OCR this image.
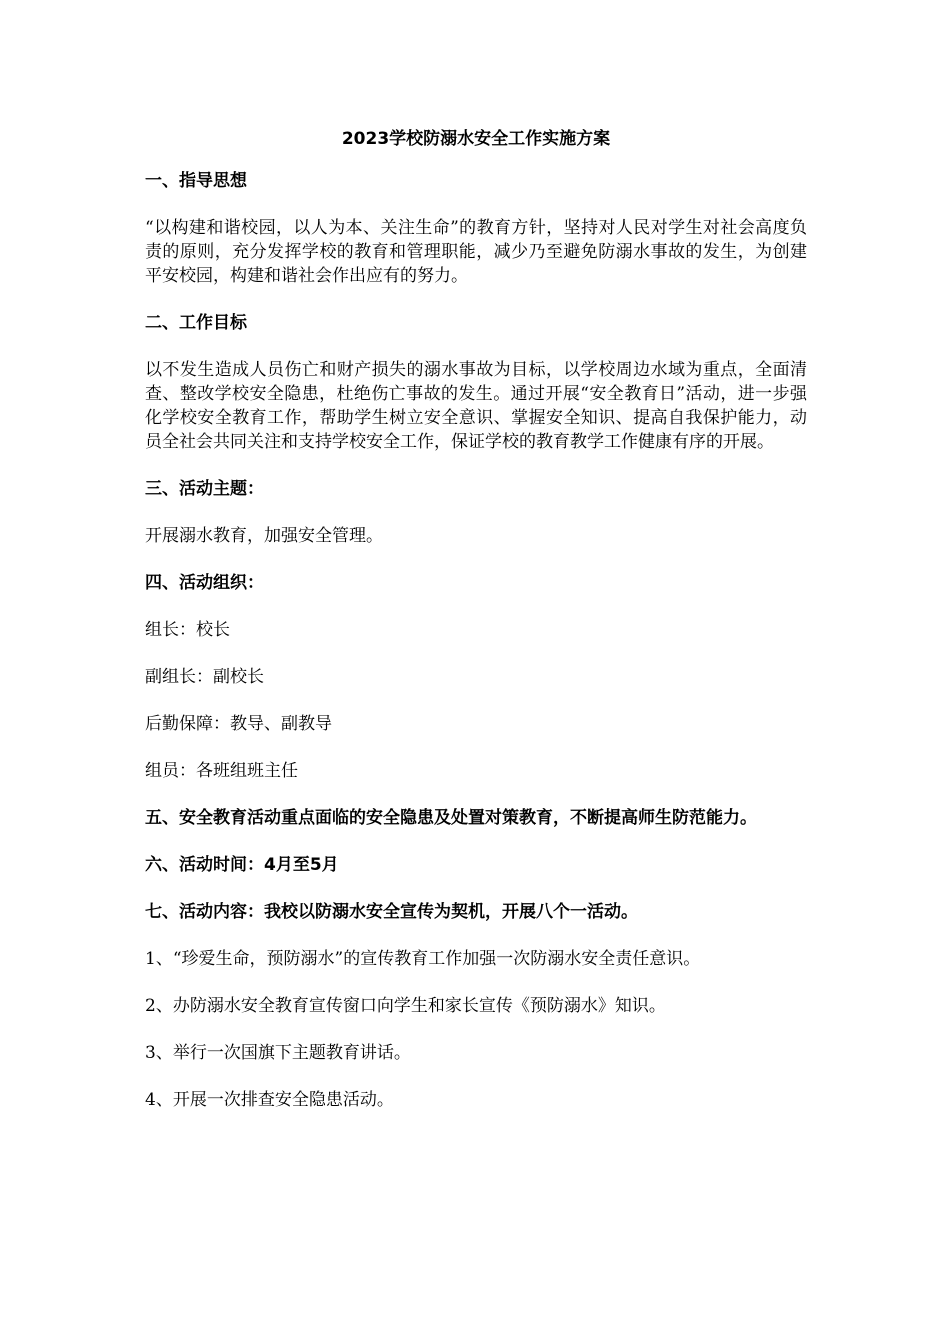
2023学校防溺水安全工作实施方案
一、指导思想
“以构建和谐校园，以人为本、关注生命”的教育方针，坚持对人民对学生对社会高度负责的原则，充分发挥学校的教育和管理职能，减少乃至避免防溺水事故的发生，为创建平安校园，构建和谐社会作出应有的努力。
二、工作目标
以不发生造成人员伤亡和财产损失的溺水事故为目标，以学校周边水域为重点，全面清查、整改学校安全隐患，杜绝伤亡事故的发生。通过开展“安全教育日”活动，进一步强化学校安全教育工作，帮助学生树立安全意识、掌握安全知识、提高自我保护能力，动员全社会共同关注和支持学校安全工作，保证学校的教育教学工作健康有序的开展。
三、活动主题：
开展溺水教育，加强安全管理。
四、活动组织：
组长：校长
副组长：副校长
后勤保障：教导、副教导
组员：各班组班主任
五、安全教育活动重点面临的安全隐患及处置对策教育，不断提高师生防范能力。
六、活动时间：4月至5月
七、活动内容：我校以防溺水安全宣传为契机，开展八个一活动。
1、“珍爱生命，预防溺水”的宣传教育工作加强一次防溺水安全责任意识。
2、办防溺水安全教育宣传窗口向学生和家长宣传《预防溺水》知识。
3、举行一次国旗下主题教育讲话。
4、开展一次排查安全隐患活动。
